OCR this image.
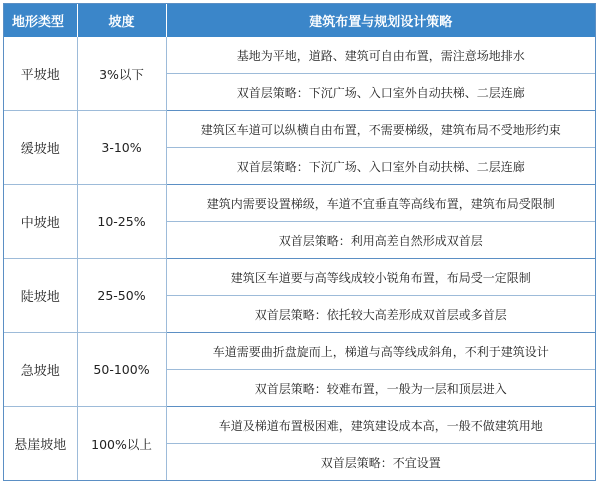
地形类型	坡度	建筑布置与规划设计策略
平坡地	3%以下	基地为平地，道路、建筑可自由布置，需注意场地排水
		双首层策略：下沉广场、入口室外自动扶梯、二层连廊
缓坡地	3-10%	建筑区车道可以纵横自由布置，不需要梯级，建筑布局不受地形约束
		双首层策略：下沉广场、入口室外自动扶梯、二层连廊
中坡地	10-25%	建筑内需要设置梯级，车道不宜垂直等高线布置，建筑布局受限制
		双首层策略：利用高差自然形成双首层
陡坡地	25-50%	建筑区车道要与高等线成较小锐角布置，布局受一定限制
		双首层策略：依托较大高差形成双首层或多首层
急坡地	50-100%	车道需要曲折盘旋而上，梯道与高等线成斜角，不利于建筑设计
		双首层策略：较难布置，一般为一层和顶层进入
悬崖坡地	100%以上	车道及梯道布置极困难，建筑建设成本高，一般不做建筑用地
		双首层策略：不宜设置
